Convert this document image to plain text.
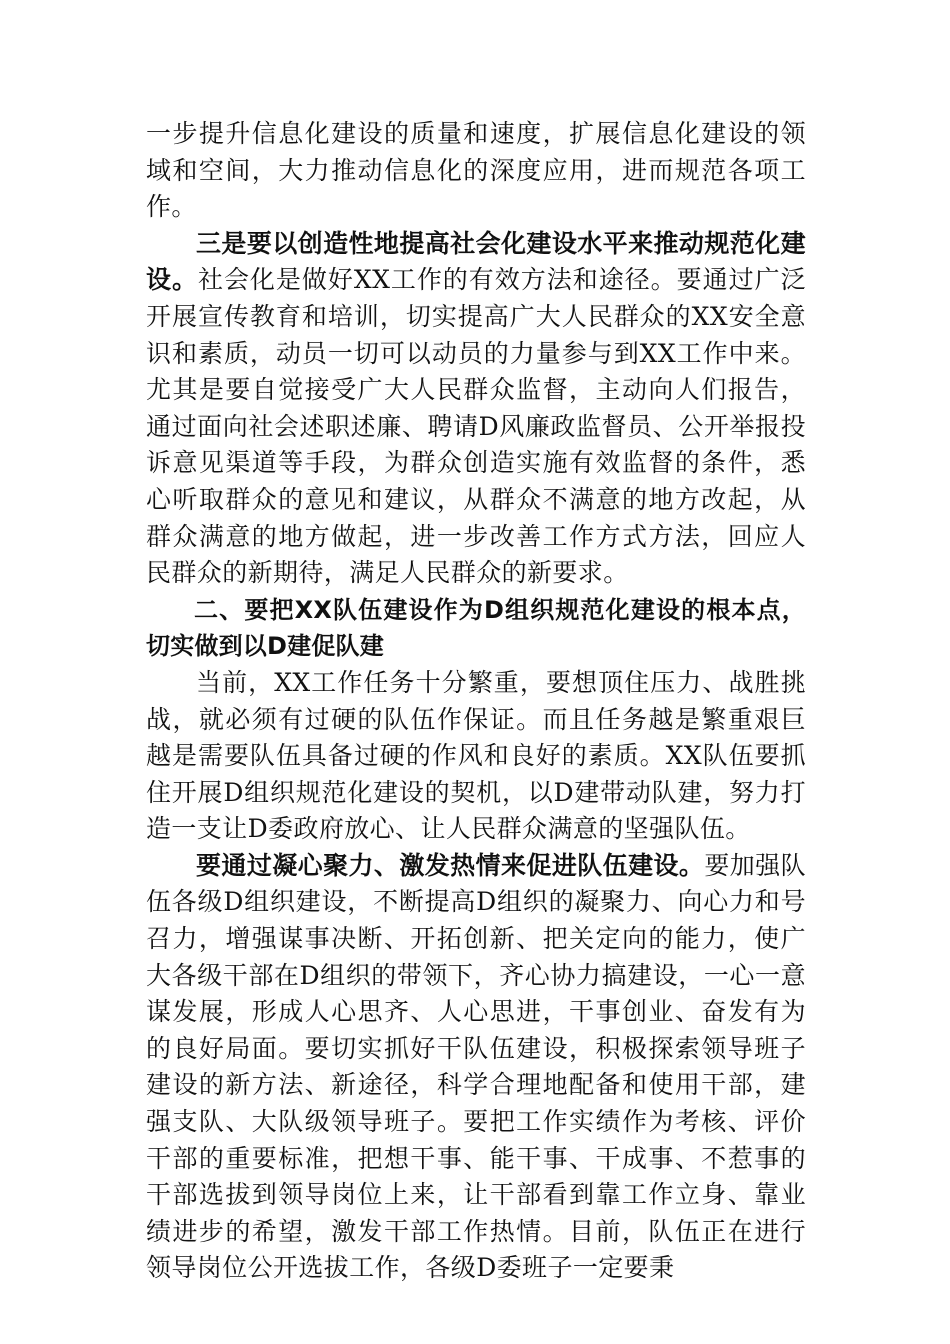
一步提升信息化建设的质量和速度，扩展信息化建设的领域和空间，大力推动信息化的深度应用，进而规范各项工作。

三是要以创造性地提高社会化建设水平来推动规范化建设。社会化是做好XX工作的有效方法和途径。要通过广泛开展宣传教育和培训，切实提高广大人民群众的XX安全意识和素质，动员一切可以动员的力量参与到XX工作中来。尤其是要自觉接受广大人民群众监督，主动向人们报告，通过面向社会述职述廉、聘请D风廉政监督员、公开举报投诉意见渠道等手段，为群众创造实施有效监督的条件，悉心听取群众的意见和建议，从群众不满意的地方改起，从群众满意的地方做起，进一步改善工作方式方法，回应人民群众的新期待，满足人民群众的新要求。

二、要把XX队伍建设作为D组织规范化建设的根本点，切实做到以D建促队建

当前，XX工作任务十分繁重，要想顶住压力、战胜挑战，就必须有过硬的队伍作保证。而且任务越是繁重艰巨越是需要队伍具备过硬的作风和良好的素质。XX队伍要抓住开展D组织规范化建设的契机，以D建带动队建，努力打造一支让D委政府放心、让人民群众满意的坚强队伍。

要通过凝心聚力、激发热情来促进队伍建设。要加强队伍各级D组织建设，不断提高D组织的凝聚力、向心力和号召力，增强谋事决断、开拓创新、把关定向的能力，使广大各级干部在D组织的带领下，齐心协力搞建设，一心一意谋发展，形成人心思齐、人心思进，干事创业、奋发有为的良好局面。要切实抓好干队伍建设，积极探索领导班子建设的新方法、新途径，科学合理地配备和使用干部，建强支队、大队级领导班子。要把工作实绩作为考核、评价干部的重要标准，把想干事、能干事、干成事、不惹事的干部选拔到领导岗位上来，让干部看到靠工作立身、靠业绩进步的希望，激发干部工作热情。目前，队伍正在进行领导岗位公开选拔工作，各级D委班子一定要秉
